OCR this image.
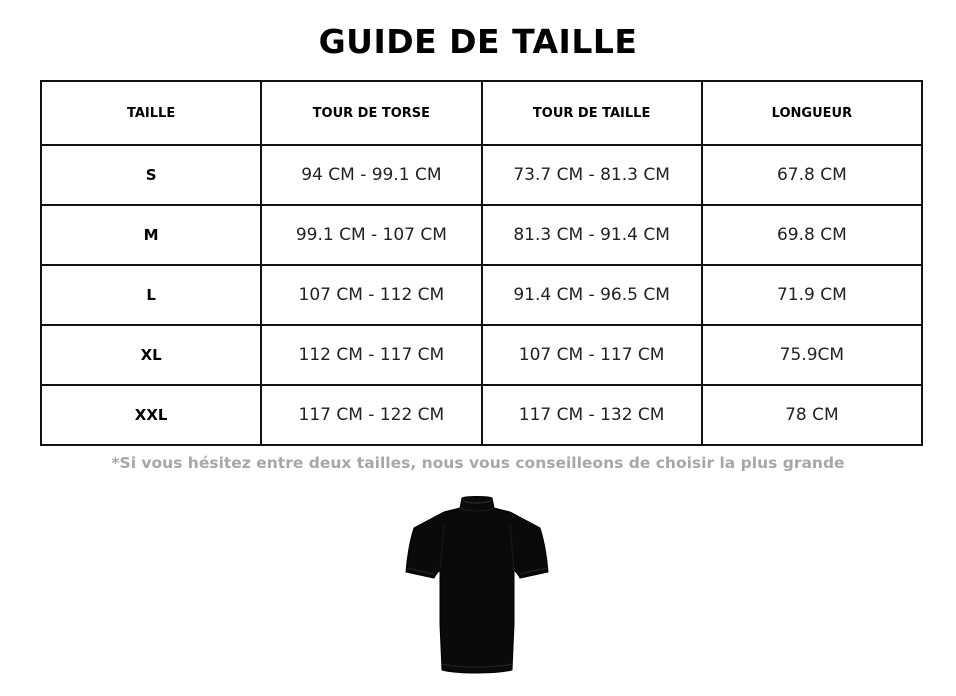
GUIDE DE TAILLE
TAILLE	TOUR DE TORSE	TOUR DE TAILLE	LONGUEUR
S	94 CM - 99.1 CM	73.7 CM - 81.3 CM	67.8 CM
M	99.1 CM - 107 CM	81.3 CM - 91.4 CM	69.8 CM
L	107 CM - 112 CM	91.4 CM - 96.5 CM	71.9 CM
XL	112 CM - 117 CM	107 CM - 117 CM	75.9CM
XXL	117 CM - 122 CM	117 CM - 132 CM	78 CM
*Si vous hésitez entre deux tailles, nous vous conseilleons de choisir la plus grande
